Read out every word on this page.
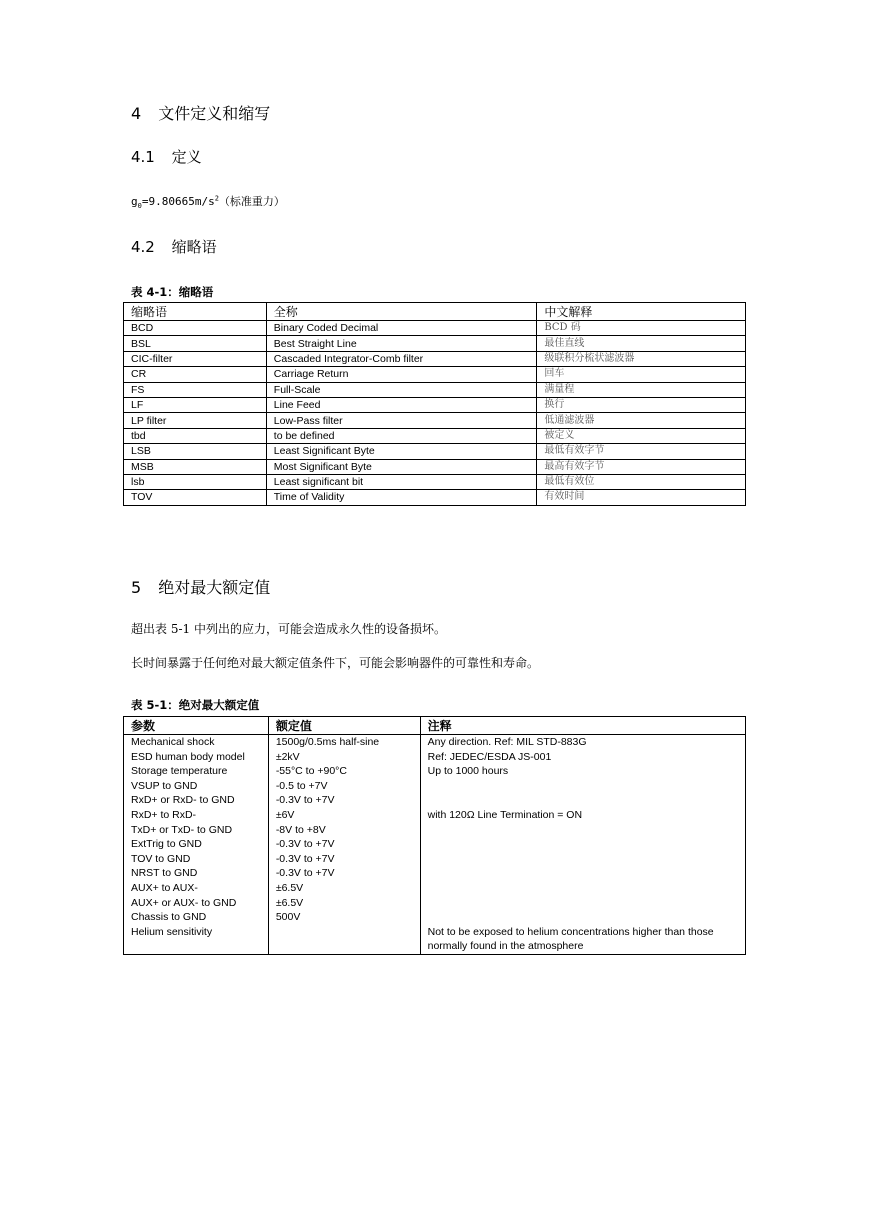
4 文件定义和缩写
4.1 定义
$g_0=9.80665m/s^2$（标准重力）
4.2 缩略语
表 4-1：缩略语
缩略语	全称	中文解释
BCD	Binary Coded Decimal	BCD 码
BSL	Best Straight Line	最佳直线
CIC-filter	Cascaded Integrator-Comb filter	级联积分梳状滤波器
CR	Carriage Return	回车
FS	Full-Scale	满量程
LF	Line Feed	换行
LP filter	Low-Pass filter	低通滤波器
tbd	to be defined	被定义
LSB	Least Significant Byte	最低有效字节
MSB	Most Significant Byte	最高有效字节
lsb	Least significant bit	最低有效位
TOV	Time of Validity	有效时间
5 绝对最大额定值
超出表 5-1 中列出的应力，可能会造成永久性的设备损坏。
长时间暴露于任何绝对最大额定值条件下，可能会影响器件的可靠性和寿命。
表 5-1：绝对最大额定值
参数	额定值	注释
Mechanical shock	1500g/0.5ms half-sine	Any direction. Ref: MIL STD-883G
ESD human body model	±2kV	Ref: JEDEC/ESDA JS-001
Storage temperature	-55°C to +90°C	Up to 1000 hours
VSUP to GND	-0.5 to +7V	
RxD+ or RxD- to GND	-0.3V to +7V	
RxD+ to RxD-	±6V	with 120Ω Line Termination = ON
TxD+ or TxD- to GND	-8V to +8V	
ExtTrig to GND	-0.3V to +7V	
TOV to GND	-0.3V to +7V	
NRST to GND	-0.3V to +7V	
AUX+ to AUX-	±6.5V	
AUX+ or AUX- to GND	±6.5V	
Chassis to GND	500V	
Helium sensitivity		Not to be exposed to helium concentrations higher than those
		normally found in the atmosphere
